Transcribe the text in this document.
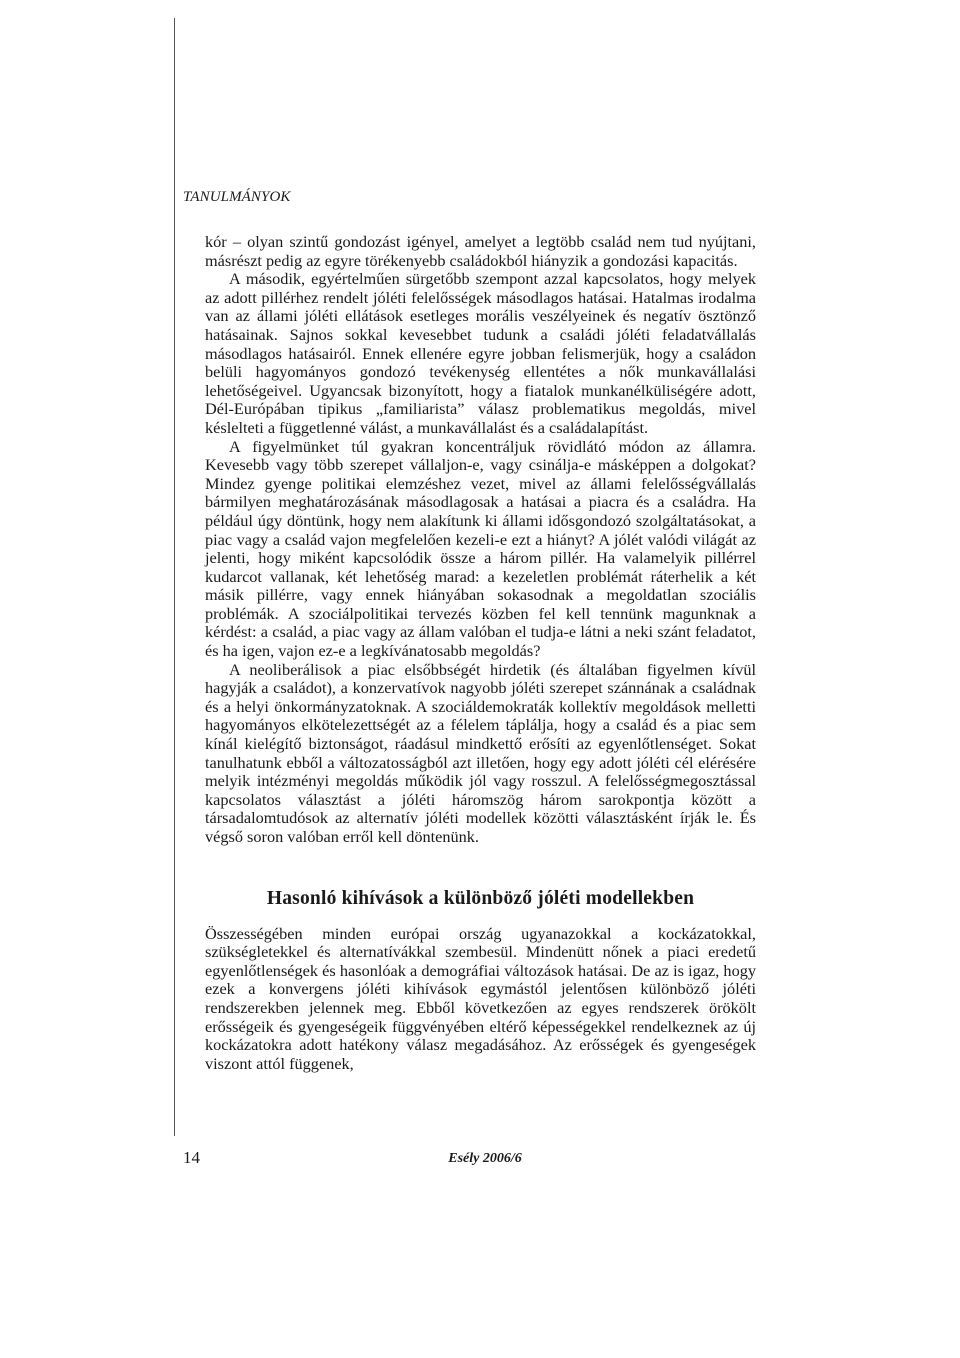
TANULMÁNYOK

kór – olyan szintű gondozást igényel, amelyet a legtöbb család nem tud nyújtani, másrészt pedig az egyre törékenyebb családokból hiányzik a gondozási kapacitás.

A második, egyértelműen sürgetőbb szempont azzal kapcsolatos, hogy melyek az adott pillérhez rendelt jóléti felelősségek másodlagos hatásai. Hatalmas irodalma van az állami jóléti ellátások esetleges morális veszélyeinek és negatív ösztönző hatásainak. Sajnos sokkal kevesebbet tudunk a családi jóléti feladatvállalás másodlagos hatásairól. Ennek ellenére egyre jobban felismerjük, hogy a családon belüli hagyományos gondozó tevékenység ellentétes a nők munkavállalási lehetőségeivel. Ugyancsak bizonyított, hogy a fiatalok munkanélküliségére adott, Dél-Európában tipikus „familiarista” válasz problematikus megoldás, mivel késlelteti a függetlenné válást, a munkavállalást és a családalapítást.

A figyelmünket túl gyakran koncentráljuk rövidlátó módon az államra. Kevesebb vagy több szerepet vállaljon-e, vagy csinálja-e másképpen a dolgokat? Mindez gyenge politikai elemzéshez vezet, mivel az állami felelősségvállalás bármilyen meghatározásának másodlagosak a hatásai a piacra és a családra. Ha például úgy döntünk, hogy nem alakítunk ki állami idősgondozó szolgáltatásokat, a piac vagy a család vajon megfelelően kezeli-e ezt a hiányt? A jólét valódi világát az jelenti, hogy miként kapcsolódik össze a három pillér. Ha valamelyik pillérrel kudarcot vallanak, két lehetőség marad: a kezeletlen problémát ráterhelik a két másik pillérre, vagy ennek hiányában sokasodnak a megoldatlan szociális problémák. A szociálpolitikai tervezés közben fel kell tennünk magunknak a kérdést: a család, a piac vagy az állam valóban el tudja-e látni a neki szánt feladatot, és ha igen, vajon ez-e a legkívánatosabb megoldás?

A neoliberálisok a piac elsőbbségét hirdetik (és általában figyelmen kívül hagyják a családot), a konzervatívok nagyobb jóléti szerepet szánnának a családnak és a helyi önkormányzatoknak. A szociáldemokraták kollektív megoldások melletti hagyományos elkötelezettségét az a félelem táplálja, hogy a család és a piac sem kínál kielégítő biztonságot, ráadásul mindkettő erősíti az egyenlőtlenséget. Sokat tanulhatunk ebből a változatosságból azt illetően, hogy egy adott jóléti cél elérésére melyik intézményi megoldás működik jól vagy rosszul. A felelősségmegosztással kapcsolatos választást a jóléti háromszög három sarokpontja között a társadalomtudósok az alternatív jóléti modellek közötti választásként írják le. És végső soron valóban erről kell döntenünk.

Hasonló kihívások a különböző jóléti modellekben

Összességében minden európai ország ugyanazokkal a kockázatokkal, szükségletekkel és alternatívákkal szembesül. Mindenütt nőnek a piaci eredetű egyenlőtlenségek és hasonlóak a demográfiai változások hatásai. De az is igaz, hogy ezek a konvergens jóléti kihívások egymástól jelentősen különböző jóléti rendszerekben jelennek meg. Ebből következően az egyes rendszerek örökölt erősségeik és gyengeségeik függvényében eltérő képességekkel rendelkeznek az új kockázatokra adott hatékony válasz megadásához. Az erősségek és gyengeségek viszont attól függenek,

14	Esély 2006/6
